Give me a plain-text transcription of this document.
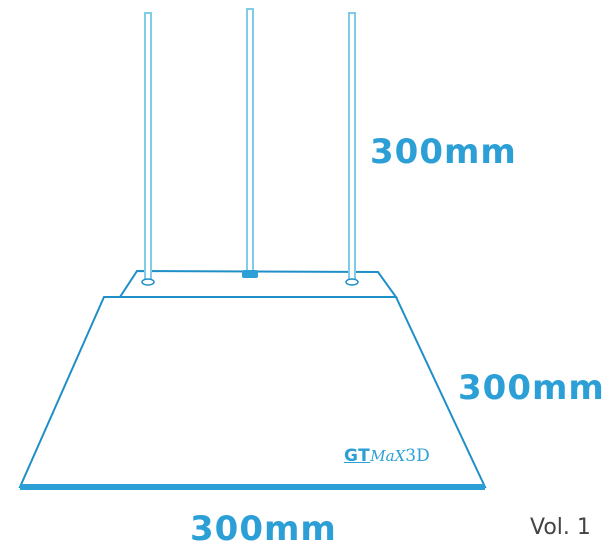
300mm
300mm
300mm
GTMaX3D
Vol. 1
